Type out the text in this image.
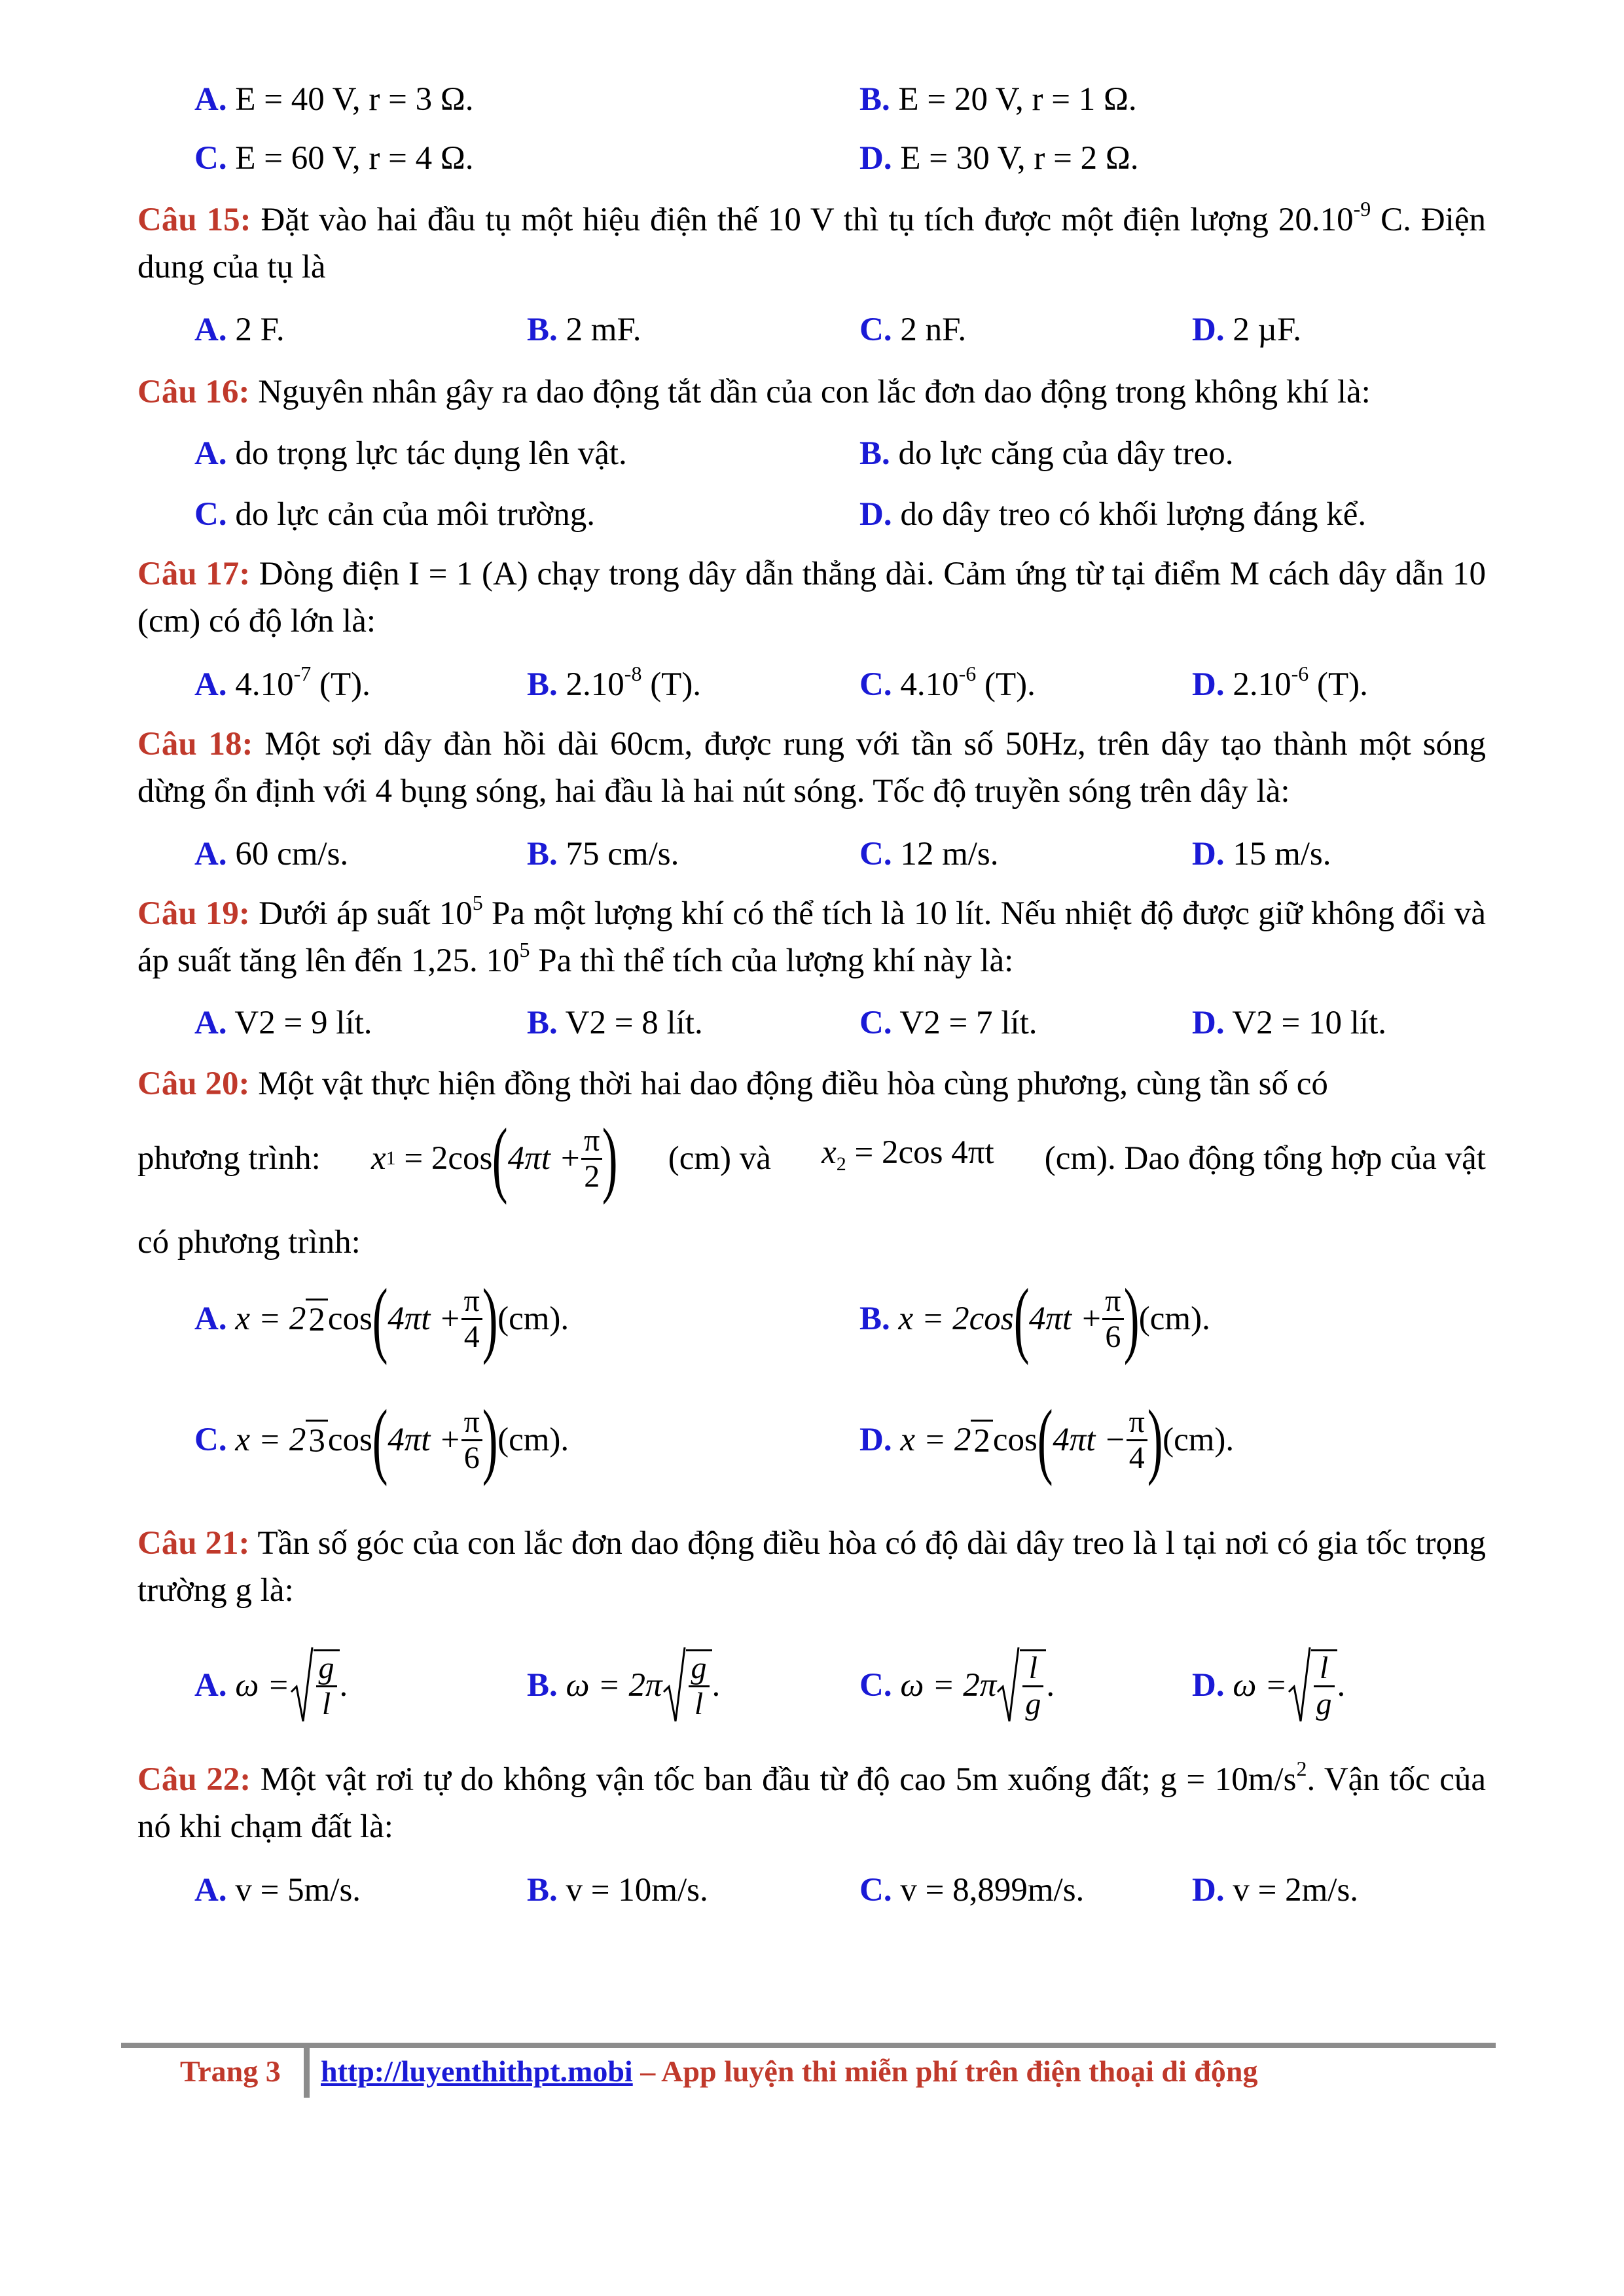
A. E = 40 V, r = 3 Ω.	B. E = 20 V, r = 1 Ω.
C. E = 60 V, r = 4 Ω.	D. E = 30 V, r = 2 Ω.
Câu 15: Đặt vào hai đầu tụ một hiệu điện thế 10 V thì tụ tích được một điện lượng $20.10^{-9}$ C. Điện dung của tụ là
A. 2 F.	B. 2 mF.	C. 2 nF.	D. 2 µF.
Câu 16: Nguyên nhân gây ra dao động tắt dần của con lắc đơn dao động trong không khí là:
A. do trọng lực tác dụng lên vật.	B. do lực căng của dây treo.
C. do lực cản của môi trường.	D. do dây treo có khối lượng đáng kể.
Câu 17: Dòng điện I = 1 (A) chạy trong dây dẫn thẳng dài. Cảm ứng từ tại điểm M cách dây dẫn 10 (cm) có độ lớn là:
A. $4.10^{-7}$ (T).	B. $2.10^{-8}$ (T).	C. $4.10^{-6}$ (T).	D. $2.10^{-6}$ (T).
Câu 18: Một sợi dây đàn hồi dài 60cm, được rung với tần số 50Hz, trên dây tạo thành một sóng dừng ổn định với 4 bụng sóng, hai đầu là hai nút sóng. Tốc độ truyền sóng trên dây là:
A. 60 cm/s.	B. 75 cm/s.	C. 12 m/s.	D. 15 m/s.
Câu 19: Dưới áp suất $10^5$ Pa một lượng khí có thể tích là 10 lít. Nếu nhiệt độ được giữ không đổi và áp suất tăng lên đến 1,25. $10^5$ Pa thì thể tích của lượng khí này là:
A. V2 = 9 lít.	B. V2 = 8 lít.	C. V2 = 7 lít.	D. V2 = 10 lít.
Câu 20: Một vật thực hiện đồng thời hai dao động điều hòa cùng phương, cùng tần số có
phương trình: x 1
= 2cos ( $4\pi t + \frac{\pi}{2}$ ) (cm) và $x_2 = 2\cos$ 4πt (cm). Dao động tổng hợp của vật
có phương trình:
A.
x = 2 2 cos ( $4\pi t + \frac{\pi}{4}$ ) (cm).	B.
x = 2cos ( $4\pi t + \frac{\pi}{6}$ ) (cm).
C.
x = 2 3 cos ( $4\pi t + \frac{\pi}{6}$ ) (cm).	D.
x = 2 2 cos ( $4\pi t - \frac{\pi}{4}$ ) (cm).
Câu 21: Tần số góc của con lắc đơn dao động điều hòa có độ dài dây treo là l tại nơi có gia tốc trọng trường g là:
A.
$\omega = \frac{g}{l}$ .	B.
$\omega = 2\pi \frac{g}{l}$ .	C.
$\omega = 2\pi \frac{l}{g}$ .	D.
$\omega = \frac{l}{g}$ .
Câu 22: Một vật rơi tự do không vận tốc ban đầu từ độ cao 5m xuống đất; $g = 10m/s^2$. Vận tốc của nó khi chạm đất là:
A. v = 5m/s.	B. v = 10m/s.	C. v = 8,899m/s.	D. v = 2m/s.
Trang 3 http://luyenthithpt.mobi – App luyện thi miễn phí trên điện thoại di động
